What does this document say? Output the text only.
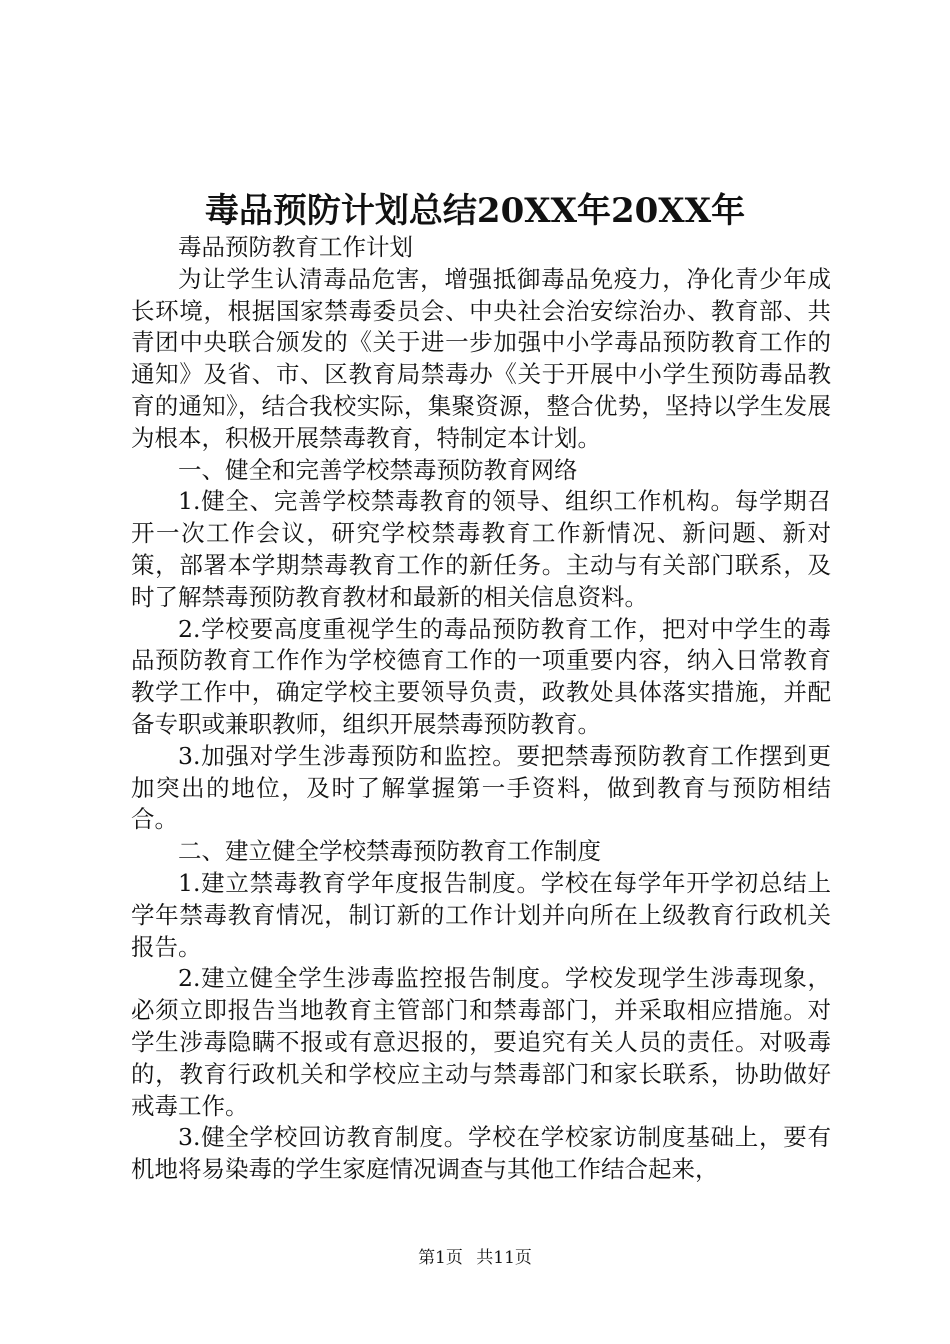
毒品预防计划总结20XX年20XX年

毒品预防教育工作计划

为让学生认清毒品危害，增强抵御毒品免疫力，净化青少年成长环境，根据国家禁毒委员会、中央社会治安综治办、教育部、共青团中央联合颁发的《关于进一步加强中小学毒品预防教育工作的通知》及省、市、区教育局禁毒办《关于开展中小学生预防毒品教育的通知》，结合我校实际，集聚资源，整合优势，坚持以学生发展为根本，积极开展禁毒教育，特制定本计划。

一、健全和完善学校禁毒预防教育网络

1.健全、完善学校禁毒教育的领导、组织工作机构。每学期召开一次工作会议，研究学校禁毒教育工作新情况、新问题、新对策，部署本学期禁毒教育工作的新任务。主动与有关部门联系，及时了解禁毒预防教育教材和最新的相关信息资料。

2.学校要高度重视学生的毒品预防教育工作，把对中学生的毒品预防教育工作作为学校德育工作的一项重要内容，纳入日常教育教学工作中，确定学校主要领导负责，政教处具体落实措施，并配备专职或兼职教师，组织开展禁毒预防教育。

3.加强对学生涉毒预防和监控。要把禁毒预防教育工作摆到更加突出的地位，及时了解掌握第一手资料，做到教育与预防相结合。

二、建立健全学校禁毒预防教育工作制度

1.建立禁毒教育学年度报告制度。学校在每学年开学初总结上学年禁毒教育情况，制订新的工作计划并向所在上级教育行政机关报告。

2.建立健全学生涉毒监控报告制度。学校发现学生涉毒现象，必须立即报告当地教育主管部门和禁毒部门，并采取相应措施。对学生涉毒隐瞒不报或有意迟报的，要追究有关人员的责任。对吸毒的，教育行政机关和学校应主动与禁毒部门和家长联系，协助做好戒毒工作。

3.健全学校回访教育制度。学校在学校家访制度基础上，要有机地将易染毒的学生家庭情况调查与其他工作结合起来，

第1页 共11页
